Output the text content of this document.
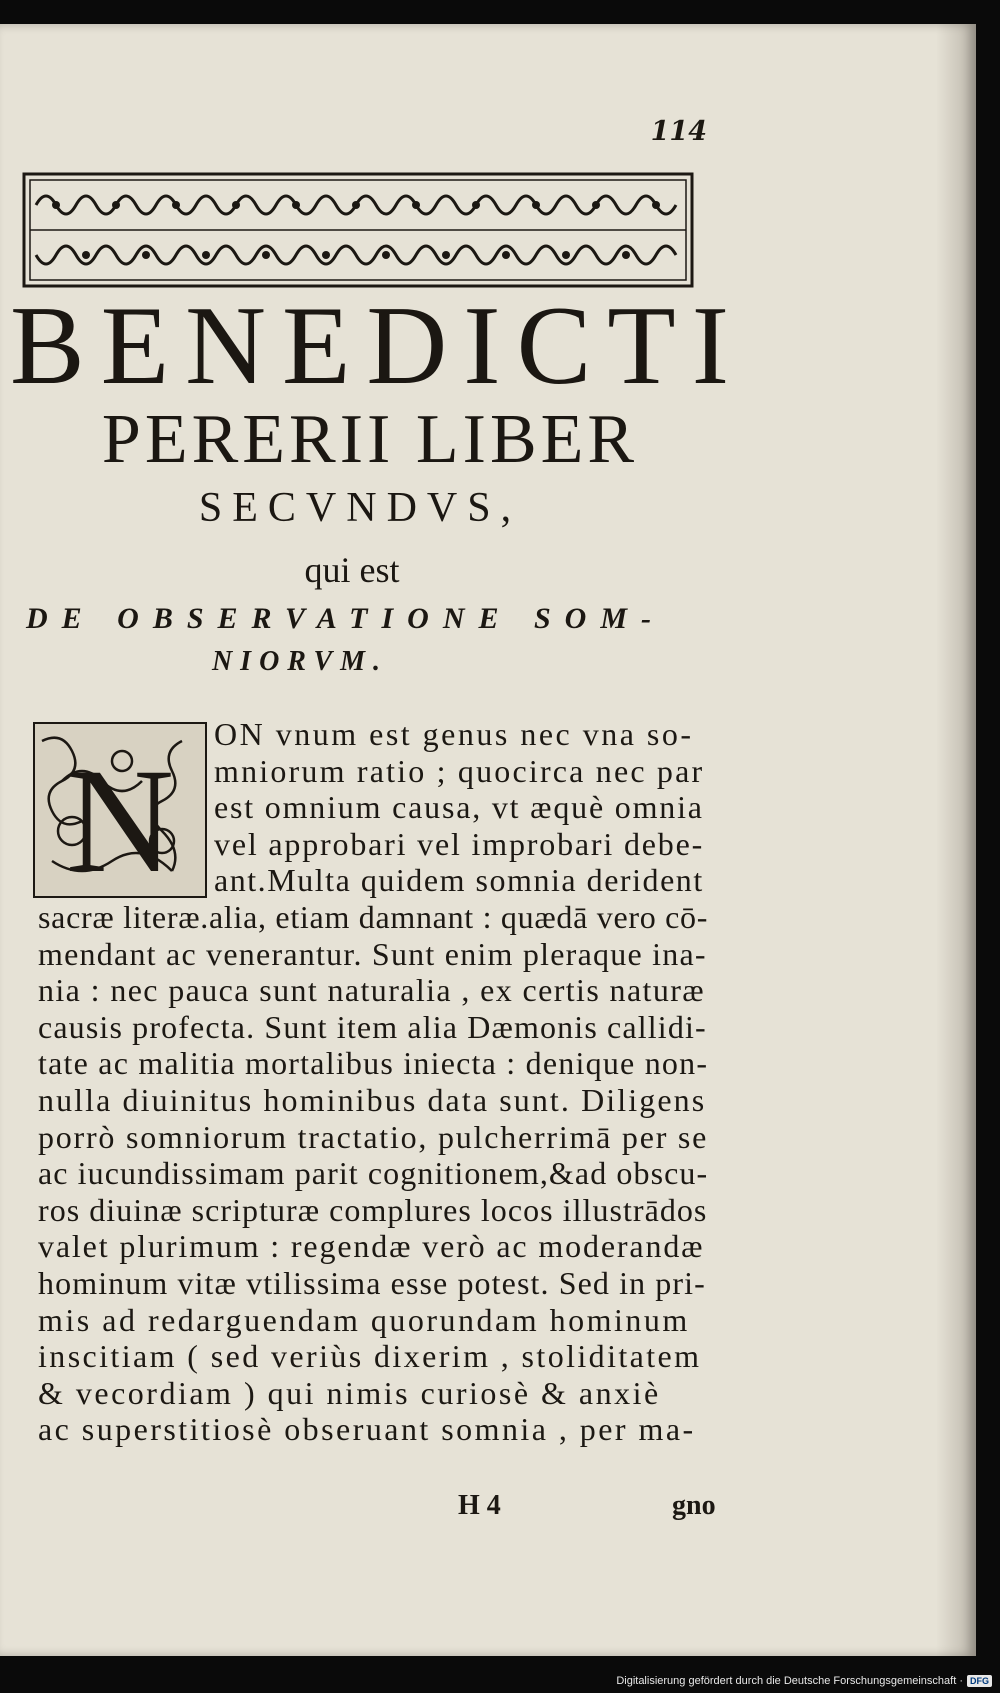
114
BENEDICTI
PERERII LIBER
SECVNDVS,
qui est
DE OBSERVATIONE SOM-
NIORVM.
N
ON vnum est genus nec vna so-
mniorum ratio ; quocirca nec par
est omnium causa, vt æquè omnia
vel approbari vel improbari debe-
ant.Multa quidem somnia derident
sacræ literæ.alia, etiam damnant : quædā vero cō-
mendant ac venerantur. Sunt enim pleraque ina-
nia : nec pauca sunt naturalia , ex certis naturæ
causis profecta. Sunt item alia Dæmonis callidi-
tate ac malitia mortalibus iniecta : denique non-
nulla diuinitus hominibus data sunt. Diligens
porrò somniorum tractatio, pulcherrimā per se
ac iucundissimam parit cognitionem,&ad obscu-
ros diuinæ scripturæ complures locos illustrādos
valet plurimum : regendæ verò ac moderandæ
hominum vitæ vtilissima esse potest. Sed in pri-
mis ad redarguendam quorundam hominum
inscitiam ( sed veriùs dixerim , stoliditatem
& vecordiam ) qui nimis curiosè & anxiè
ac superstitiosè obseruant somnia , per ma-
H 4	gno
Digitalisierung gefördert durch die Deutsche Forschungsgemeinschaft · DFG
